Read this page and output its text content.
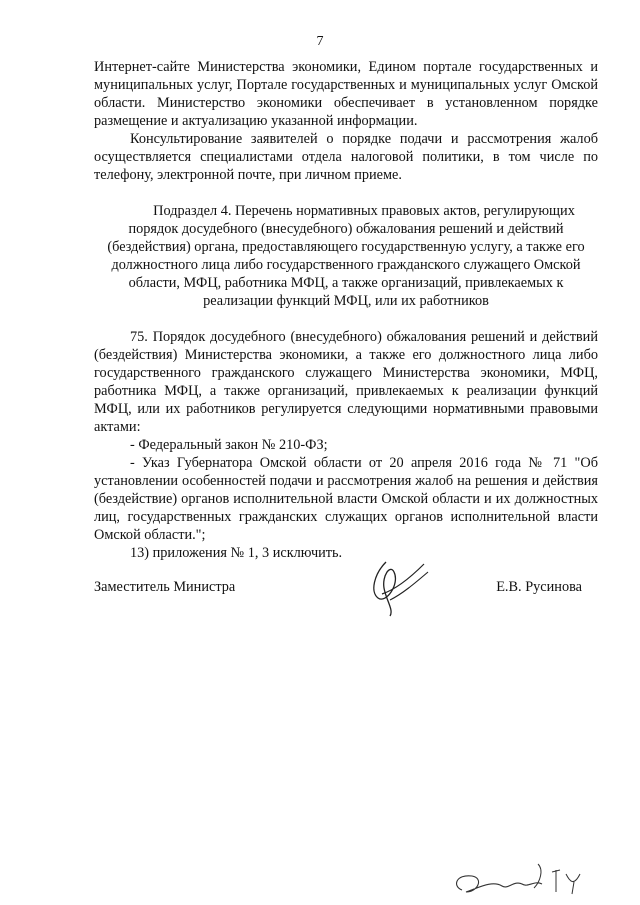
7

Интернет-сайте Министерства экономики, Едином портале государственных и муниципальных услуг, Портале государственных и муниципальных услуг Омской области. Министерство экономики обеспечивает в установленном порядке размещение и актуализацию указанной информации.

Консультирование заявителей о порядке подачи и рассмотрения жалоб осуществляется специалистами отдела налоговой политики, в том числе по телефону, электронной почте, при личном приеме.

Подраздел 4. Перечень нормативных правовых актов, регулирующих порядок досудебного (внесудебного) обжалования решений и действий (бездействия) органа, предоставляющего государственную услугу, а также его должностного лица либо государственного гражданского служащего Омской области, МФЦ, работника МФЦ, а также организаций, привлекаемых к реализации функций МФЦ, или их работников

75. Порядок досудебного (внесудебного) обжалования решений и действий (бездействия) Министерства экономики, а также его должностного лица либо государственного гражданского служащего Министерства экономики, МФЦ, работника МФЦ, а также организаций, привлекаемых к реализации функций МФЦ, или их работников регулируется следующими нормативными правовыми актами:

- Федеральный закон № 210-ФЗ;

- Указ Губернатора Омской области от 20 апреля 2016 года № 71 "Об установлении особенностей подачи и рассмотрения жалоб на решения и действия (бездействие) органов исполнительной власти Омской области и их должностных лиц, государственных гражданских служащих органов исполнительной власти Омской области.";

13) приложения № 1, 3 исключить.

Заместитель Министра	Е.В. Русинова
